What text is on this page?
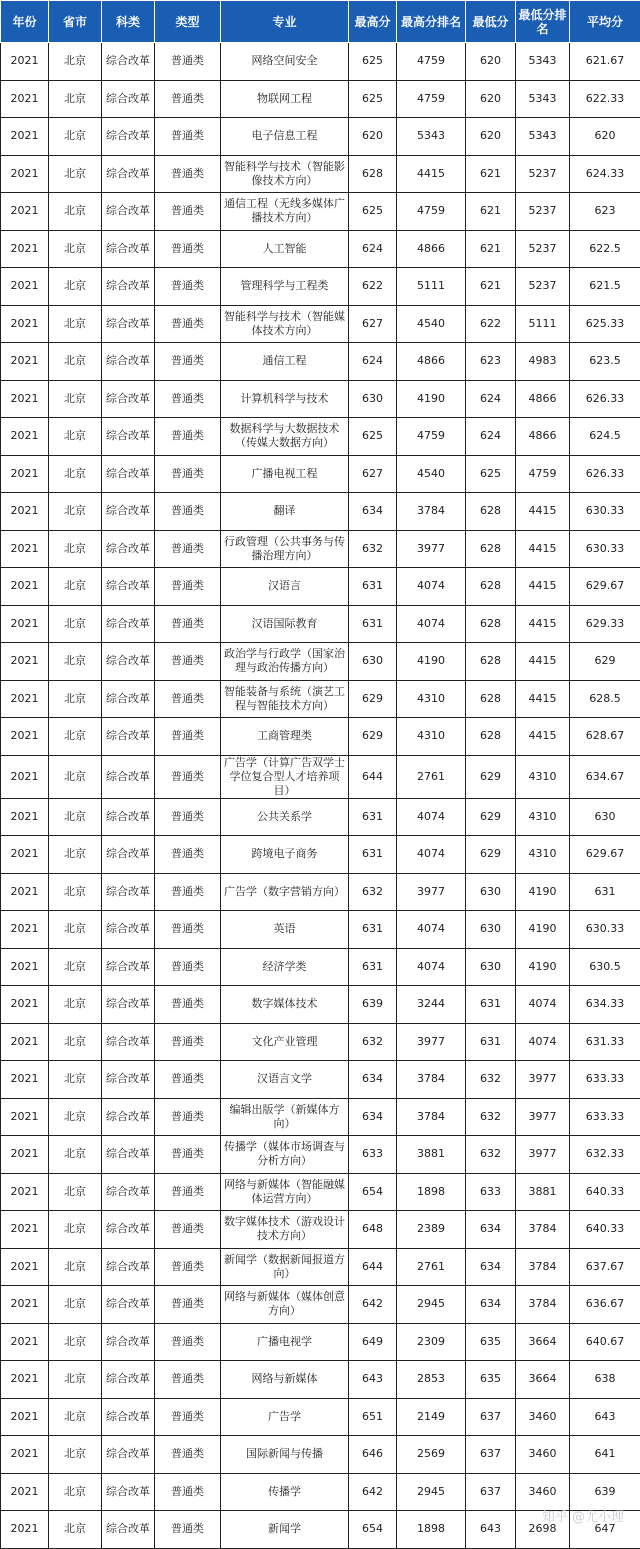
年份	省市	科类	类型	专业	最高分	最高分排名	最低分	最低分排名	平均分
2021	北京	综合改革	普通类	网络空间安全	625	4759	620	5343	621.67
2021	北京	综合改革	普通类	物联网工程	625	4759	620	5343	622.33
2021	北京	综合改革	普通类	电子信息工程	620	5343	620	5343	620
2021	北京	综合改革	普通类	智能科学与技术（智能影像技术方向）	628	4415	621	5237	624.33
2021	北京	综合改革	普通类	通信工程（无线多媒体广播技术方向）	625	4759	621	5237	623
2021	北京	综合改革	普通类	人工智能	624	4866	621	5237	622.5
2021	北京	综合改革	普通类	管理科学与工程类	622	5111	621	5237	621.5
2021	北京	综合改革	普通类	智能科学与技术（智能媒体技术方向）	627	4540	622	5111	625.33
2021	北京	综合改革	普通类	通信工程	624	4866	623	4983	623.5
2021	北京	综合改革	普通类	计算机科学与技术	630	4190	624	4866	626.33
2021	北京	综合改革	普通类	数据科学与大数据技术（传媒大数据方向）	625	4759	624	4866	624.5
2021	北京	综合改革	普通类	广播电视工程	627	4540	625	4759	626.33
2021	北京	综合改革	普通类	翻译	634	3784	628	4415	630.33
2021	北京	综合改革	普通类	行政管理（公共事务与传播治理方向）	632	3977	628	4415	630.33
2021	北京	综合改革	普通类	汉语言	631	4074	628	4415	629.67
2021	北京	综合改革	普通类	汉语国际教育	631	4074	628	4415	629.33
2021	北京	综合改革	普通类	政治学与行政学（国家治理与政治传播方向）	630	4190	628	4415	629
2021	北京	综合改革	普通类	智能装备与系统（演艺工程与智能技术方向）	629	4310	628	4415	628.5
2021	北京	综合改革	普通类	工商管理类	629	4310	628	4415	628.67
2021	北京	综合改革	普通类	广告学（计算广告双学士学位复合型人才培养项目）	644	2761	629	4310	634.67
2021	北京	综合改革	普通类	公共关系学	631	4074	629	4310	630
2021	北京	综合改革	普通类	跨境电子商务	631	4074	629	4310	629.67
2021	北京	综合改革	普通类	广告学（数字营销方向）	632	3977	630	4190	631
2021	北京	综合改革	普通类	英语	631	4074	630	4190	630.33
2021	北京	综合改革	普通类	经济学类	631	4074	630	4190	630.5
2021	北京	综合改革	普通类	数字媒体技术	639	3244	631	4074	634.33
2021	北京	综合改革	普通类	文化产业管理	632	3977	631	4074	631.33
2021	北京	综合改革	普通类	汉语言文学	634	3784	632	3977	633.33
2021	北京	综合改革	普通类	编辑出版学（新媒体方向）	634	3784	632	3977	633.33
2021	北京	综合改革	普通类	传播学（媒体市场调查与分析方向）	633	3881	632	3977	632.33
2021	北京	综合改革	普通类	网络与新媒体（智能融媒体运营方向）	654	1898	633	3881	640.33
2021	北京	综合改革	普通类	数字媒体技术（游戏设计技术方向）	648	2389	634	3784	640.33
2021	北京	综合改革	普通类	新闻学（数据新闻报道方向）	644	2761	634	3784	637.67
2021	北京	综合改革	普通类	网络与新媒体（媒体创意方向）	642	2945	634	3784	636.67
2021	北京	综合改革	普通类	广播电视学	649	2309	635	3664	640.67
2021	北京	综合改革	普通类	网络与新媒体	643	2853	635	3664	638
2021	北京	综合改革	普通类	广告学	651	2149	637	3460	643
2021	北京	综合改革	普通类	国际新闻与传播	646	2569	637	3460	641
2021	北京	综合改革	普通类	传播学	642	2945	637	3460	639
2021	北京	综合改革	普通类	新闻学	654	1898	643	2698	647
知乎 @尤小理
